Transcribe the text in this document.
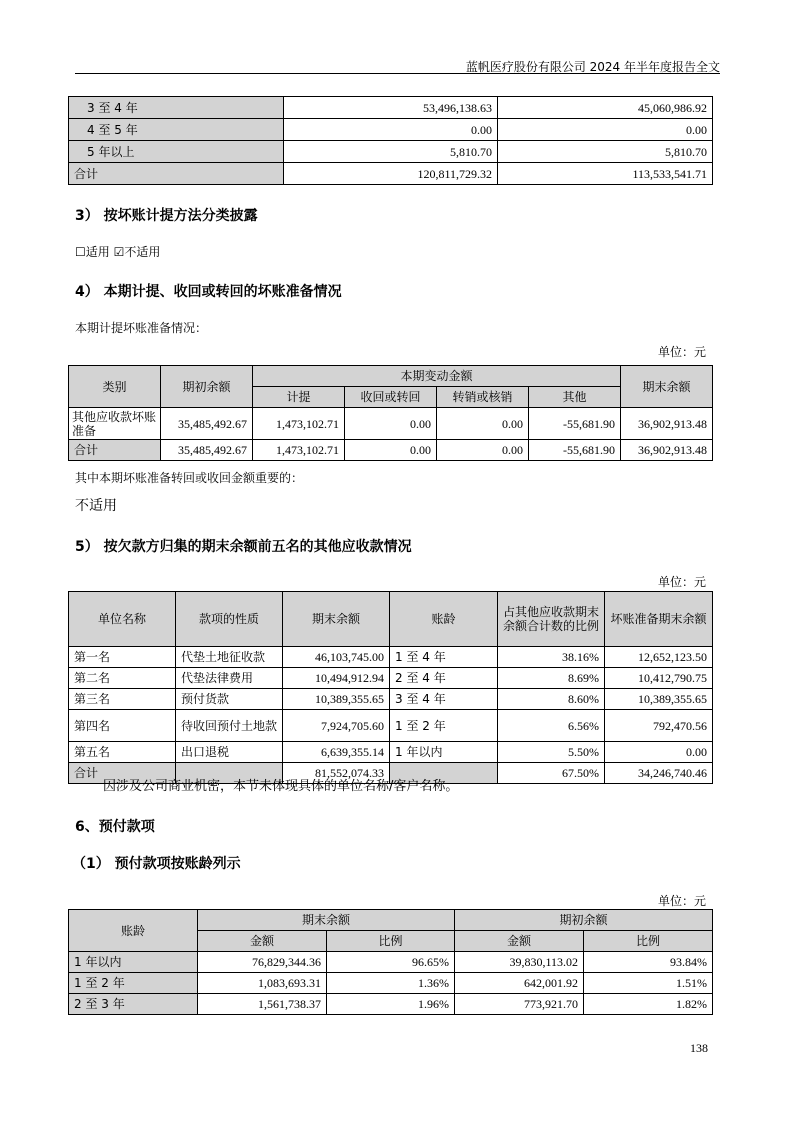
蓝帆医疗股份有限公司 2024 年半年度报告全文
3 至 4 年	53,496,138.63	45,060,986.92
4 至 5 年	0.00	0.00
5 年以上	5,810.70	5,810.70
合计	120,811,729.32	113,533,541.71
3） 按坏账计提方法分类披露
☐适用 ☑不适用
4） 本期计提、收回或转回的坏账准备情况
本期计提坏账准备情况：
单位：元
类别	期初余额	本期变动金额				期末余额
		计提	收回或转回	转销或核销	其他	
其他应收款坏账准备	35,485,492.67	1,473,102.71	0.00	0.00	-55,681.90	36,902,913.48
合计	35,485,492.67	1,473,102.71	0.00	0.00	-55,681.90	36,902,913.48
其中本期坏账准备转回或收回金额重要的：
不适用
5） 按欠款方归集的期末余额前五名的其他应收款情况
单位：元
单位名称	款项的性质	期末余额	账龄	占其他应收款期末余额合计数的比例	坏账准备期末余额
第一名	代垫土地征收款	46,103,745.00	1 至 4 年	38.16%	12,652,123.50
第二名	代垫法律费用	10,494,912.94	2 至 4 年	8.69%	10,412,790.75
第三名	预付货款	10,389,355.65	3 至 4 年	8.60%	10,389,355.65
第四名	待收回预付土地款	7,924,705.60	1 至 2 年	6.56%	792,470.56
第五名	出口退税	6,639,355.14	1 年以内	5.50%	0.00
合计		81,552,074.33		67.50%	34,246,740.46
因涉及公司商业机密，本节未体现具体的单位名称/客户名称。
6、预付款项
（1） 预付款项按账龄列示
单位：元
账龄	期末余额		期初余额	
	金额	比例	金额	比例
1 年以内	76,829,344.36	96.65%	39,830,113.02	93.84%
1 至 2 年	1,083,693.31	1.36%	642,001.92	1.51%
2 至 3 年	1,561,738.37	1.96%	773,921.70	1.82%
138
